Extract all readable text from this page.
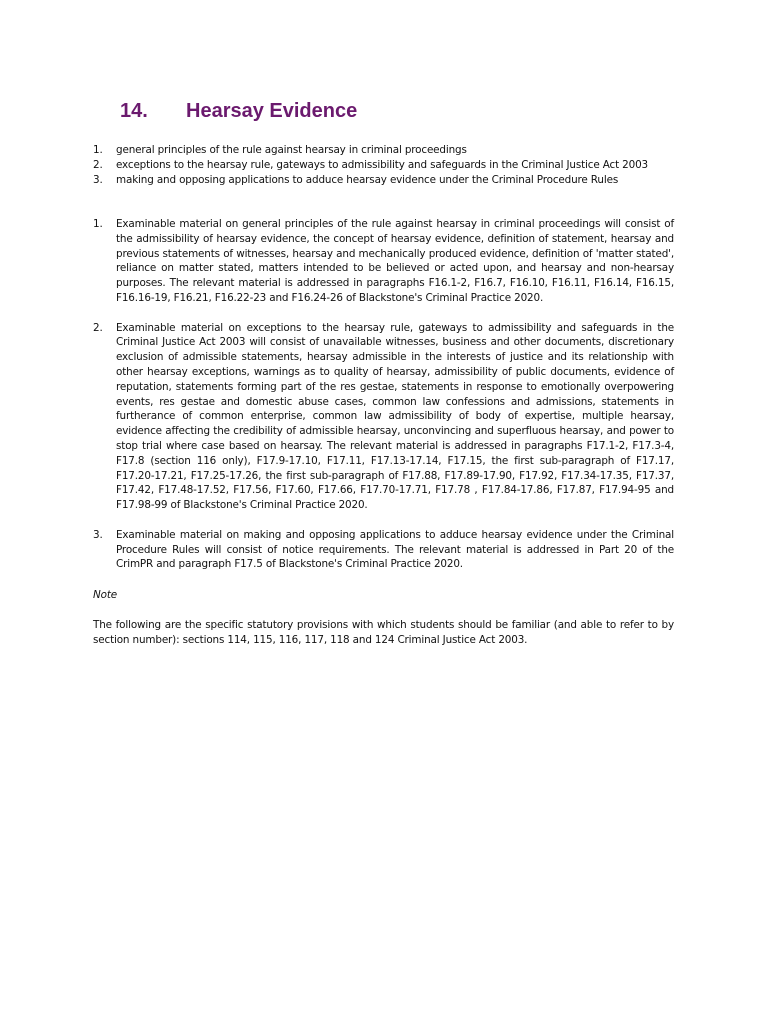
14.	Hearsay Evidence
1.	general principles of the rule against hearsay in criminal proceedings
2.	exceptions to the hearsay rule, gateways to admissibility and safeguards in the Criminal Justice Act 2003
3.	making and opposing applications to adduce hearsay evidence under the Criminal Procedure Rules
1.	Examinable material on general principles of the rule against hearsay in criminal proceedings will consist of the admissibility of hearsay evidence, the concept of hearsay evidence, definition of statement, hearsay and previous statements of witnesses, hearsay and mechanically produced evidence, definition of 'matter stated', reliance on matter stated, matters intended to be believed or acted upon, and hearsay and non-hearsay purposes. The relevant material is addressed in paragraphs F16.1-2, F16.7, F16.10, F16.11, F16.14, F16.15, F16.16-19, F16.21, F16.22-23 and F16.24-26 of Blackstone's Criminal Practice 2020.
2.	Examinable material on exceptions to the hearsay rule, gateways to admissibility and safeguards in the Criminal Justice Act 2003 will consist of unavailable witnesses, business and other documents, discretionary exclusion of admissible statements, hearsay admissible in the interests of justice and its relationship with other hearsay exceptions, warnings as to quality of hearsay, admissibility of public documents, evidence of reputation, statements forming part of the res gestae, statements in response to emotionally overpowering events, res gestae and domestic abuse cases, common law confessions and admissions, statements in furtherance of common enterprise, common law admissibility of body of expertise, multiple hearsay, evidence affecting the credibility of admissible hearsay, unconvincing and superfluous hearsay, and power to stop trial where case based on hearsay. The relevant material is addressed in paragraphs F17.1-2, F17.3-4, F17.8 (section 116 only), F17.9-17.10, F17.11, F17.13-17.14, F17.15, the first sub-paragraph of F17.17, F17.20-17.21, F17.25-17.26, the first sub-paragraph of F17.88, F17.89-17.90, F17.92, F17.34-17.35, F17.37, F17.42, F17.48-17.52, F17.56, F17.60, F17.66, F17.70-17.71, F17.78 , F17.84-17.86, F17.87, F17.94-95 and F17.98-99 of Blackstone's Criminal Practice 2020.
3.	Examinable material on making and opposing applications to adduce hearsay evidence under the Criminal Procedure Rules will consist of notice requirements. The relevant material is addressed in Part 20 of the CrimPR and paragraph F17.5 of Blackstone's Criminal Practice 2020.
Note
The following are the specific statutory provisions with which students should be familiar (and able to refer to by section number): sections 114, 115, 116, 117, 118 and 124 Criminal Justice Act 2003.
